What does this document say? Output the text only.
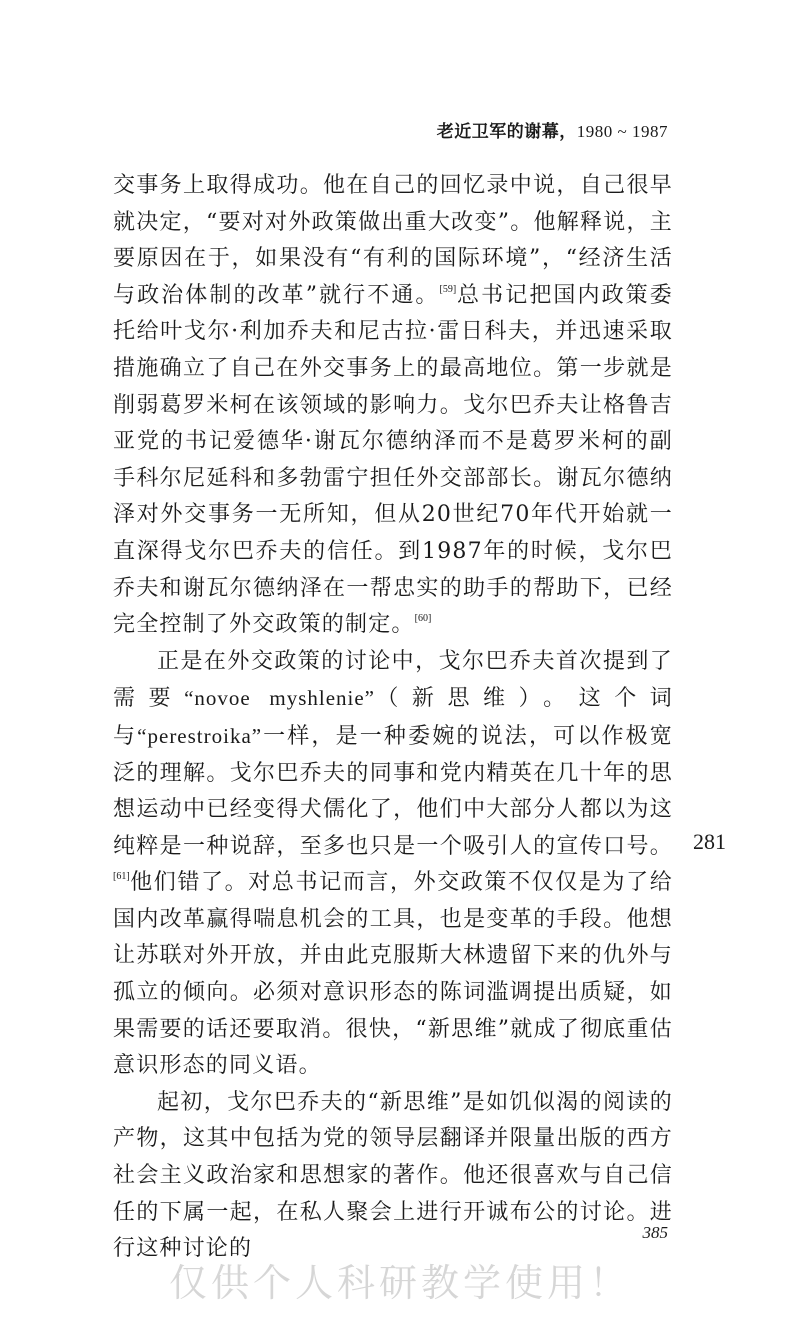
老近卫军的谢幕，1980 ~ 1987

交事务上取得成功。他在自己的回忆录中说，自己很早就决定，“要对对外政策做出重大改变”。他解释说，主要原因在于，如果没有“有利的国际环境”，“经济生活与政治体制的改革”就行不通。[59]总书记把国内政策委托给叶戈尔·利加乔夫和尼古拉·雷日科夫，并迅速采取措施确立了自己在外交事务上的最高地位。第一步就是削弱葛罗米柯在该领域的影响力。戈尔巴乔夫让格鲁吉亚党的书记爱德华·谢瓦尔德纳泽而不是葛罗米柯的副手科尔尼延科和多勃雷宁担任外交部部长。谢瓦尔德纳泽对外交事务一无所知，但从20世纪70年代开始就一直深得戈尔巴乔夫的信任。到1987年的时候，戈尔巴乔夫和谢瓦尔德纳泽在一帮忠实的助手的帮助下，已经完全控制了外交政策的制定。[60]

正是在外交政策的讨论中，戈尔巴乔夫首次提到了需要“novoe myshlenie”（新思维）。这个词与“perestroika”一样，是一种委婉的说法，可以作极宽泛的理解。戈尔巴乔夫的同事和党内精英在几十年的思想运动中已经变得犬儒化了，他们中大部分人都以为这纯粹是一种说辞，至多也只是一个吸引人的宣传口号。[61]他们错了。对总书记而言，外交政策不仅仅是为了给国内改革赢得喘息机会的工具，也是变革的手段。他想让苏联对外开放，并由此克服斯大林遗留下来的仇外与孤立的倾向。必须对意识形态的陈词滥调提出质疑，如果需要的话还要取消。很快，“新思维”就成了彻底重估意识形态的同义语。

起初，戈尔巴乔夫的“新思维”是如饥似渴的阅读的产物，这其中包括为党的领导层翻译并限量出版的西方社会主义政治家和思想家的著作。他还很喜欢与自己信任的下属一起，在私人聚会上进行开诚布公的讨论。进行这种讨论的

281
385
仅供个人科研教学使用！
